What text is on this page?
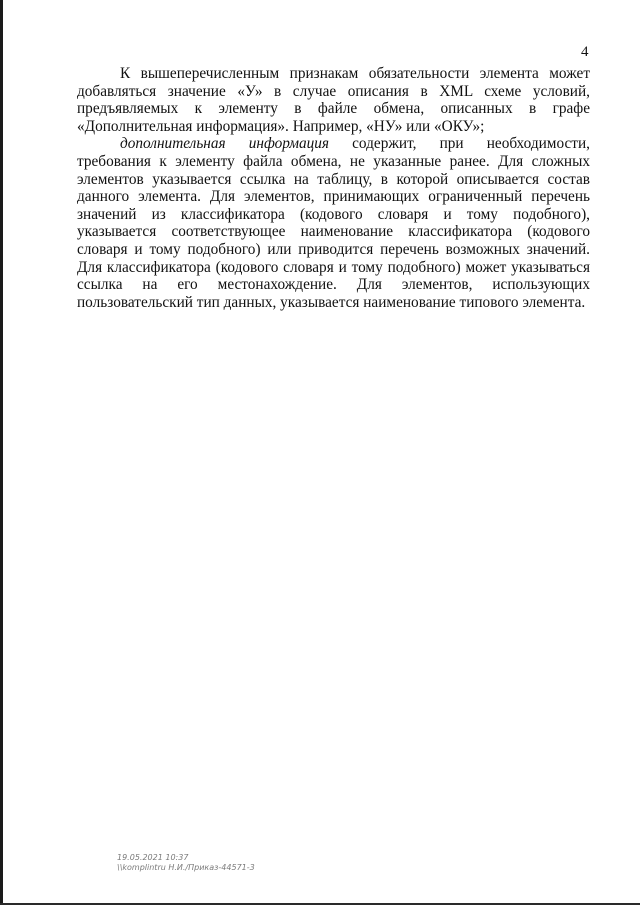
4

К вышеперечисленным признакам обязательности элемента может добавляться значение «У» в случае описания в XML схеме условий, предъявляемых к элементу в файле обмена, описанных в графе «Дополнительная информация». Например, «НУ» или «ОКУ»;

дополнительная информация содержит, при необходимости, требования к элементу файла обмена, не указанные ранее. Для сложных элементов указывается ссылка на таблицу, в которой описывается состав данного элемента. Для элементов, принимающих ограниченный перечень значений из классификатора (кодового словаря и тому подобного), указывается соответствующее наименование классификатора (кодового словаря и тому подобного) или приводится перечень возможных значений. Для классификатора (кодового словаря и тому подобного) может указываться ссылка на его местонахождение. Для элементов, использующих пользовательский тип данных, указывается наименование типового элемента.

19.05.2021 10:37
\\komplintru Н.И./Приказ-44571-3
